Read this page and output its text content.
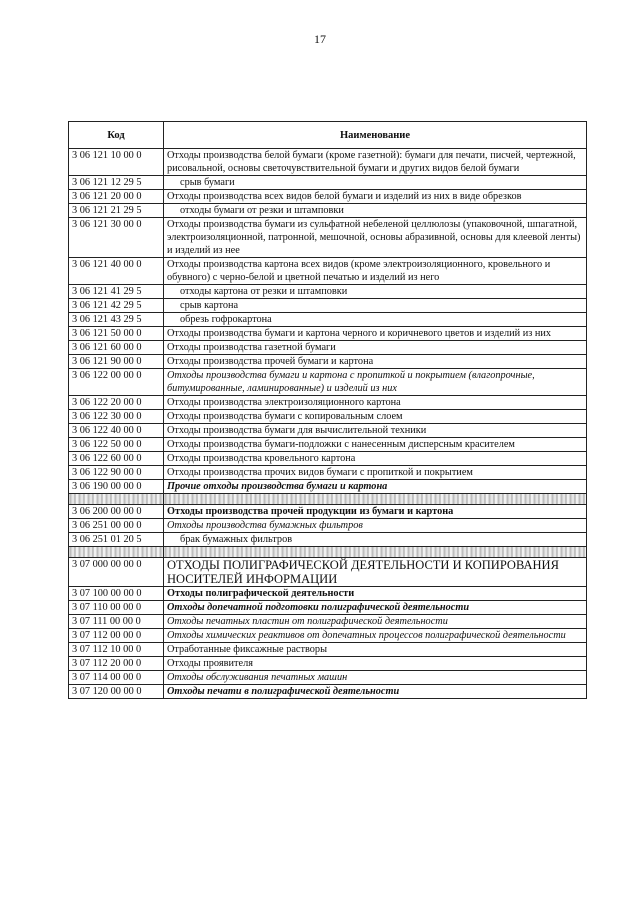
17
Код	Наименование
3 06 121 10 00 0	Отходы производства белой бумаги (кроме газетной): бумаги для печати, писчей, чертежной, рисовальной, основы светочувствительной бумаги и других видов белой бумаги
3 06 121 12 29 5	срыв бумаги
3 06 121 20 00 0	Отходы производства всех видов белой бумаги и изделий из них в виде обрезков
3 06 121 21 29 5	отходы бумаги от резки и штамповки
3 06 121 30 00 0	Отходы производства бумаги из сульфатной небеленой целлюлозы (упаковочной, шпагатной, электроизоляционной, патронной, мешочной, основы абразивной, основы для клеевой ленты) и изделий из нее
3 06 121 40 00 0	Отходы производства картона всех видов (кроме электроизоляционного, кровельного и обувного) с черно-белой и цветной печатью и изделий из него
3 06 121 41 29 5	отходы картона от резки и штамповки
3 06 121 42 29 5	срыв картона
3 06 121 43 29 5	обрезь гофрокартона
3 06 121 50 00 0	Отходы производства бумаги и картона черного и коричневого цветов и изделий из них
3 06 121 60 00 0	Отходы производства газетной бумаги
3 06 121 90 00 0	Отходы производства прочей бумаги и картона
3 06 122 00 00 0	Отходы производства бумаги и картона с пропиткой и покрытием (влагопрочные, битумированные, ламинированные) и изделий из них
3 06 122 20 00 0	Отходы производства электроизоляционного картона
3 06 122 30 00 0	Отходы производства бумаги с копировальным слоем
3 06 122 40 00 0	Отходы производства бумаги для вычислительной техники
3 06 122 50 00 0	Отходы производства бумаги-подложки с нанесенным дисперсным красителем
3 06 122 60 00 0	Отходы производства кровельного картона
3 06 122 90 00 0	Отходы производства прочих видов бумаги с пропиткой и покрытием
3 06 190 00 00 0	Прочие отходы производства бумаги и картона

3 06 200 00 00 0	Отходы производства прочей продукции из бумаги и картона
3 06 251 00 00 0	Отходы производства бумажных фильтров
3 06 251 01 20 5	брак бумажных фильтров

3 07 000 00 00 0	ОТХОДЫ ПОЛИГРАФИЧЕСКОЙ ДЕЯТЕЛЬНОСТИ И КОПИРОВАНИЯ НОСИТЕЛЕЙ ИНФОРМАЦИИ
3 07 100 00 00 0	Отходы полиграфической деятельности
3 07 110 00 00 0	Отходы допечатной подготовки полиграфической деятельности
3 07 111 00 00 0	Отходы печатных пластин от полиграфической деятельности
3 07 112 00 00 0	Отходы химических реактивов от допечатных процессов полиграфической деятельности
3 07 112 10 00 0	Отработанные фиксажные растворы
3 07 112 20 00 0	Отходы проявителя
3 07 114 00 00 0	Отходы обслуживания печатных машин
3 07 120 00 00 0	Отходы печати в полиграфической деятельности
